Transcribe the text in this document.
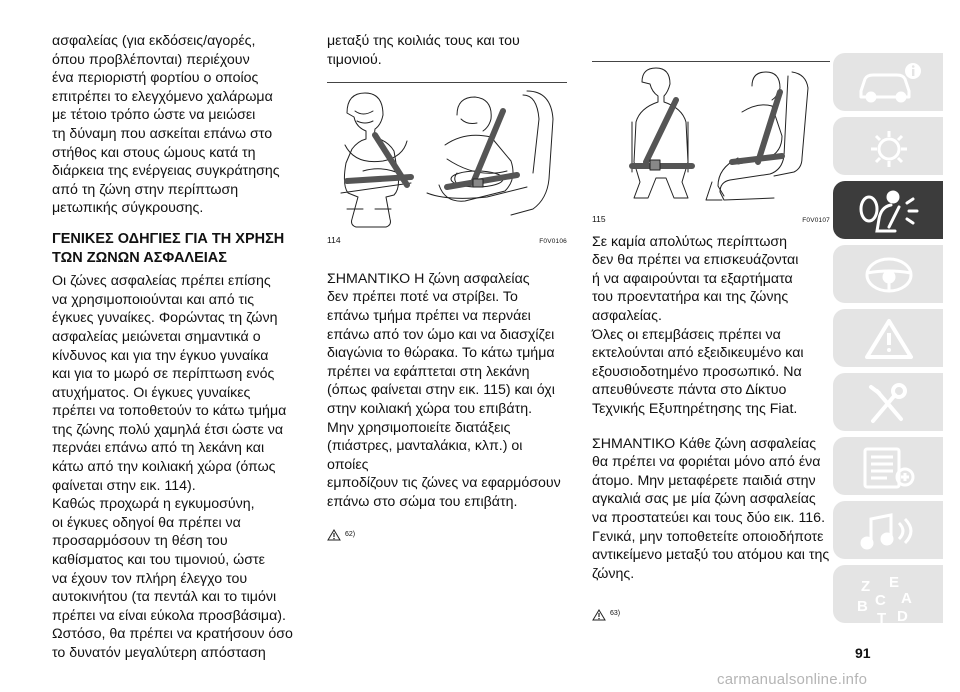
ασφαλείας (για εκδόσεις/αγορές,
όπου προβλέπονται) περιέχουν
ένα περιοριστή φορτίου ο οποίος
επιτρέπει το ελεγχόμενο χαλάρωμα
με τέτοιο τρόπο ώστε να μειώσει
τη δύναμη που ασκείται επάνω στο
στήθος και στους ώμους κατά τη
διάρκεια της ενέργειας συγκράτησης
από τη ζώνη στην περίπτωση
μετωπικής σύγκρουσης.

ΓΕΝΙΚΕΣ ΟΔΗΓΙΕΣ ΓΙΑ ΤΗ ΧΡΗΣΗ
ΤΩΝ ΖΩΝΩΝ ΑΣΦΑΛΕΙΑΣ

Οι ζώνες ασφαλείας πρέπει επίσης
να χρησιμοποιούνται και από τις
έγκυες γυναίκες. Φορώντας τη ζώνη
ασφαλείας μειώνεται σημαντικά ο
κίνδυνος και για την έγκυο γυναίκα
και για το μωρό σε περίπτωση ενός
ατυχήματος. Οι έγκυες γυναίκες
πρέπει να τοποθετούν το κάτω τμήμα
της ζώνης πολύ χαμηλά έτσι ώστε να
περνάει επάνω από τη λεκάνη και
κάτω από την κοιλιακή χώρα (όπως
φαίνεται στην εικ. 114).
Καθώς προχωρά η εγκυμοσύνη,
οι έγκυες οδηγοί θα πρέπει να
προσαρμόσουν τη θέση του
καθίσματος και του τιμονιού, ώστε
να έχουν τον πλήρη έλεγχο του
αυτοκινήτου (τα πεντάλ και το τιμόνι
πρέπει να είναι εύκολα προσβάσιμα).
Ωστόσο, θα πρέπει να κρατήσουν όσο
το δυνατόν μεγαλύτερη απόσταση

μεταξύ της κοιλιάς τους και του
τιμονιού.

114	F0V0106

ΣΗΜΑΝΤΙΚΟ Η ζώνη ασφαλείας
δεν πρέπει ποτέ να στρίβει. Το
επάνω τμήμα πρέπει να περνάει
επάνω από τον ώμο και να διασχίζει
διαγώνια το θώρακα. Το κάτω τμήμα
πρέπει να εφάπτεται στη λεκάνη
(όπως φαίνεται στην εικ. 115) και όχι
στην κοιλιακή χώρα του επιβάτη.
Μην χρησιμοποιείτε διατάξεις
(πιάστρες, μανταλάκια, κλπ.) οι οποίες
εμποδίζουν τις ζώνες να εφαρμόσουν
επάνω στο σώμα του επιβάτη.

62)
115	F0V0107

Σε καμία απολύτως περίπτωση
δεν θα πρέπει να επισκευάζονται
ή να αφαιρούνται τα εξαρτήματα
του προεντατήρα και της ζώνης
ασφαλείας.
Όλες οι επεμβάσεις πρέπει να
εκτελούνται από εξειδικευμένο και
εξουσιοδοτημένο προσωπικό. Να
απευθύνεστε πάντα στο Δίκτυο
Τεχνικής Εξυπηρέτησης της Fiat.

ΣΗΜΑΝΤΙΚΟ Κάθε ζώνη ασφαλείας
θα πρέπει να φοριέται μόνο από ένα
άτομο. Μην μεταφέρετε παιδιά στην
αγκαλιά σας με μία ζώνη ασφαλείας
να προστατεύει και τους δύο εικ. 116.
Γενικά, μην τοποθετείτε οποιοδήποτε
αντικείμενο μεταξύ του ατόμου και της
ζώνης.

63)
Z E
B C A
T D
91
carmanualsonline.info
